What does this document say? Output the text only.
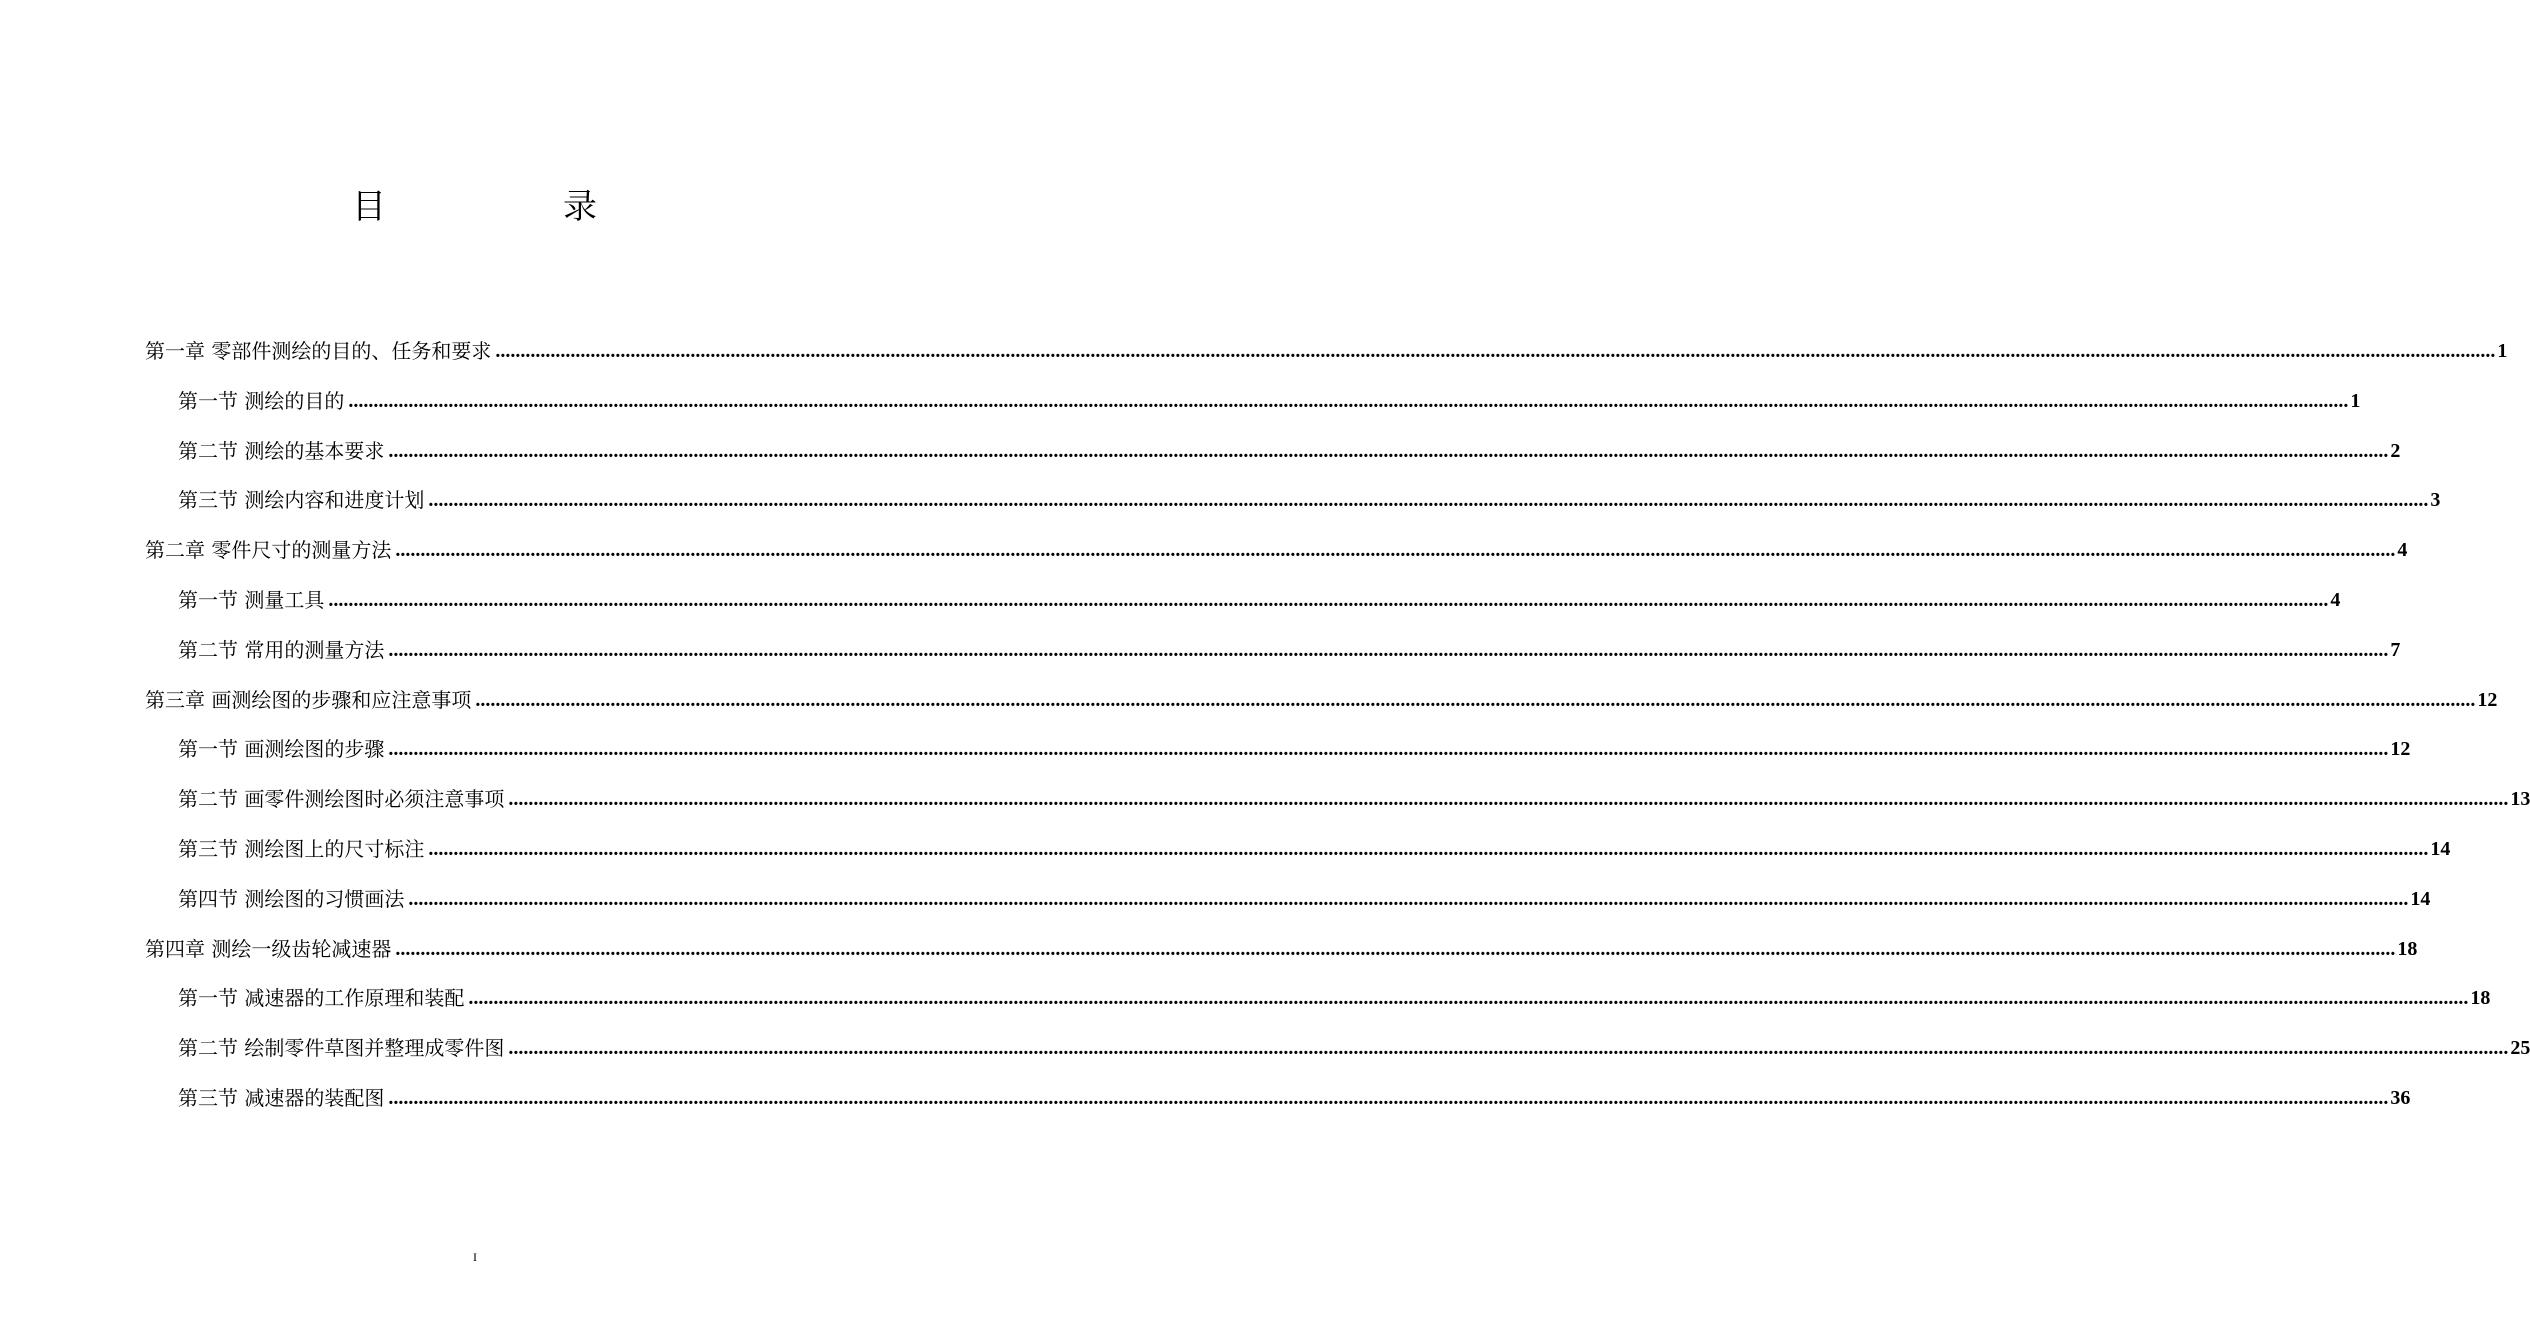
目	录
第一章 零部件测绘的目的、任务和要求 ................................................................................................................................................................................................................................................................................................................................................................................................................ 1
第一节 测绘的目的 ................................................................................................................................................................................................................................................................................................................................................................................................................ 1
第二节 测绘的基本要求 ................................................................................................................................................................................................................................................................................................................................................................................................................ 2
第三节 测绘内容和进度计划 ................................................................................................................................................................................................................................................................................................................................................................................................................ 3
第二章 零件尺寸的测量方法 ................................................................................................................................................................................................................................................................................................................................................................................................................ 4
第一节 测量工具 ................................................................................................................................................................................................................................................................................................................................................................................................................ 4
第二节 常用的测量方法 ................................................................................................................................................................................................................................................................................................................................................................................................................ 7
第三章 画测绘图的步骤和应注意事项 ................................................................................................................................................................................................................................................................................................................................................................................................................ 12
第一节 画测绘图的步骤 ................................................................................................................................................................................................................................................................................................................................................................................................................ 12
第二节 画零件测绘图时必须注意事项 ................................................................................................................................................................................................................................................................................................................................................................................................................ 13
第三节 测绘图上的尺寸标注 ................................................................................................................................................................................................................................................................................................................................................................................................................ 14
第四节 测绘图的习惯画法 ................................................................................................................................................................................................................................................................................................................................................................................................................ 14
第四章 测绘一级齿轮减速器 ................................................................................................................................................................................................................................................................................................................................................................................................................ 18
第一节 减速器的工作原理和装配 ................................................................................................................................................................................................................................................................................................................................................................................................................ 18
第二节 绘制零件草图并整理成零件图 ................................................................................................................................................................................................................................................................................................................................................................................................................ 25
第三节 减速器的装配图 ................................................................................................................................................................................................................................................................................................................................................................................................................ 36
I
